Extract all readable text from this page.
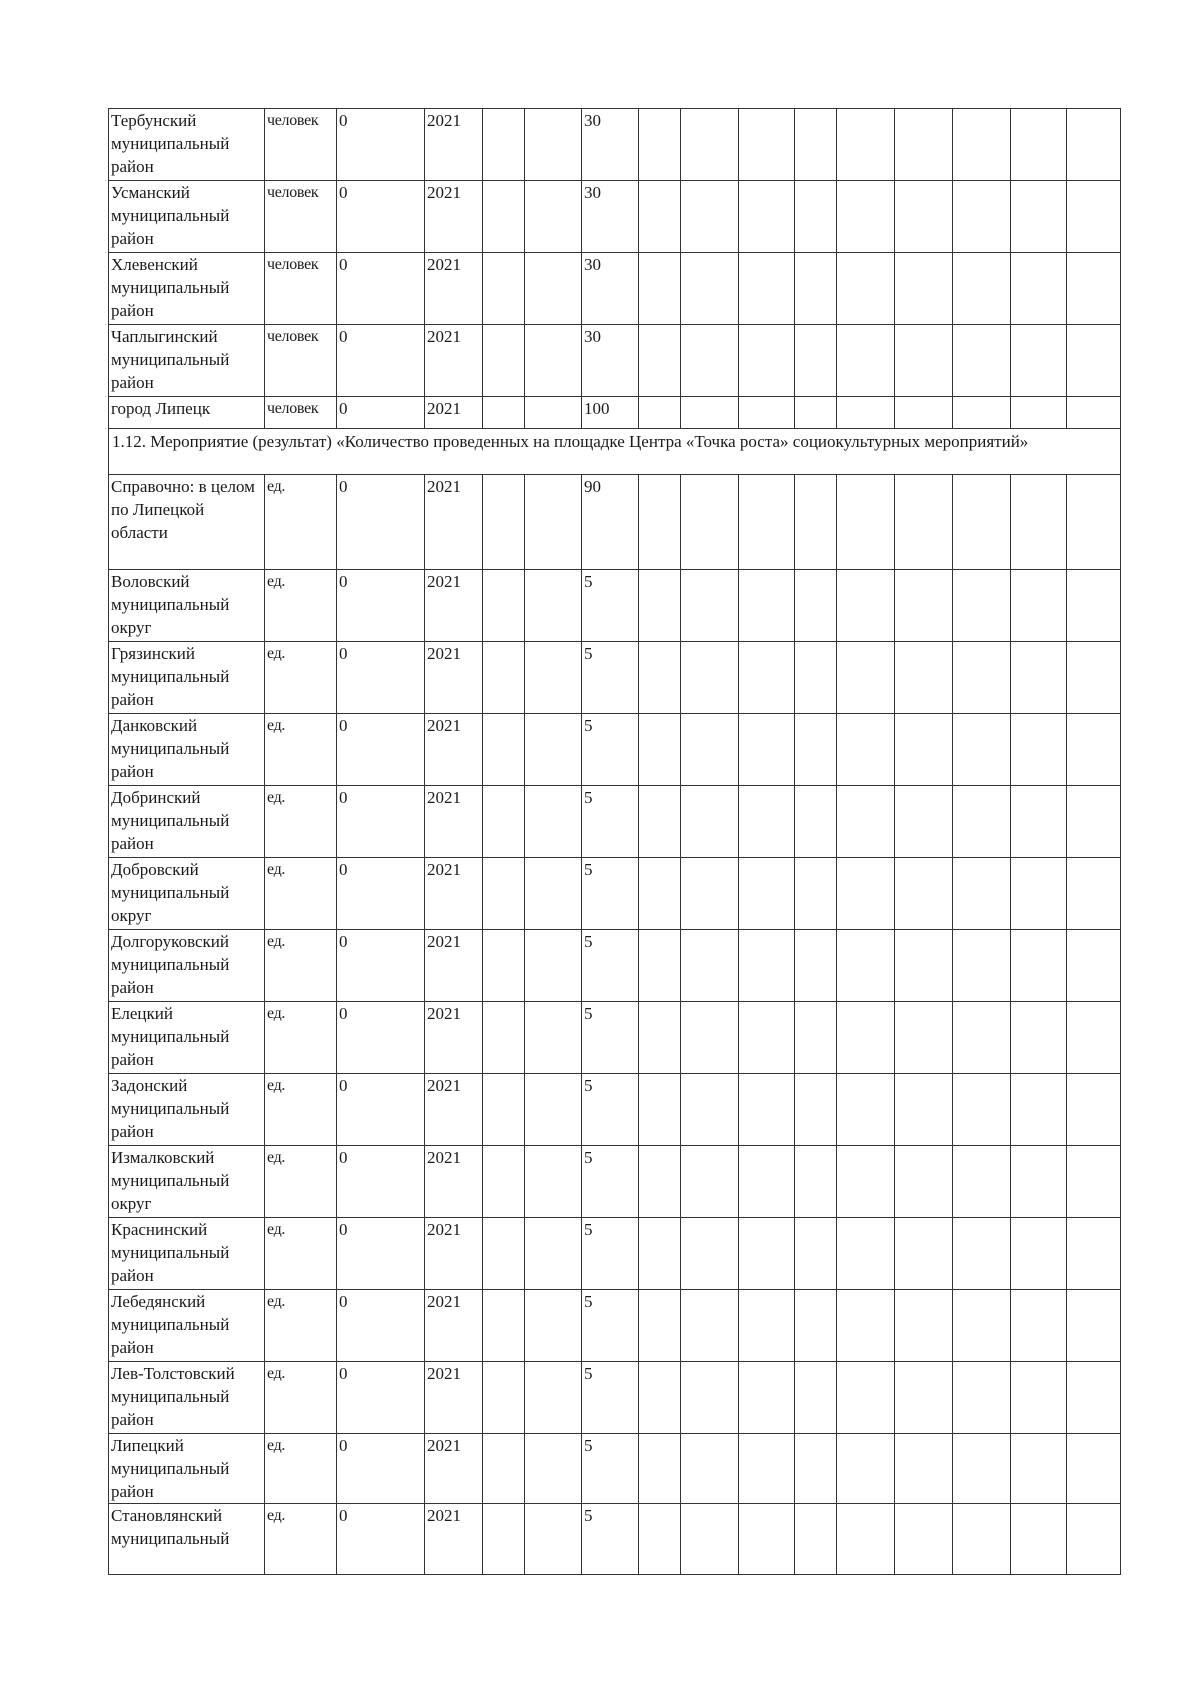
Тербунский муниципальный район	человек	0	2021			30									
Усманский муниципальный район	человек	0	2021			30									
Хлевенский муниципальный район	человек	0	2021			30									
Чаплыгинский муниципальный район	человек	0	2021			30									
город Липецк	человек	0	2021			100									
1.12. Мероприятие (результат) «Количество проведенных на площадке Центра «Точка роста» социокультурных мероприятий»															
Справочно: в целом по Липецкой области	ед.	0	2021			90									
Воловский муниципальный округ	ед.	0	2021			5									
Грязинский муниципальный район	ед.	0	2021			5									
Данковский муниципальный район	ед.	0	2021			5									
Добринский муниципальный район	ед.	0	2021			5									
Добровский муниципальный округ	ед.	0	2021			5									
Долгоруковский муниципальный район	ед.	0	2021			5									
Елецкий муниципальный район	ед.	0	2021			5									
Задонский муниципальный район	ед.	0	2021			5									
Измалковский муниципальный округ	ед.	0	2021			5									
Краснинский муниципальный район	ед.	0	2021			5									
Лебедянский муниципальный район	ед.	0	2021			5									
Лев-Толстовский муниципальный район	ед.	0	2021			5									
Липецкий муниципальный район	ед.	0	2021			5									
Становлянский муниципальный	ед.	0	2021			5									
